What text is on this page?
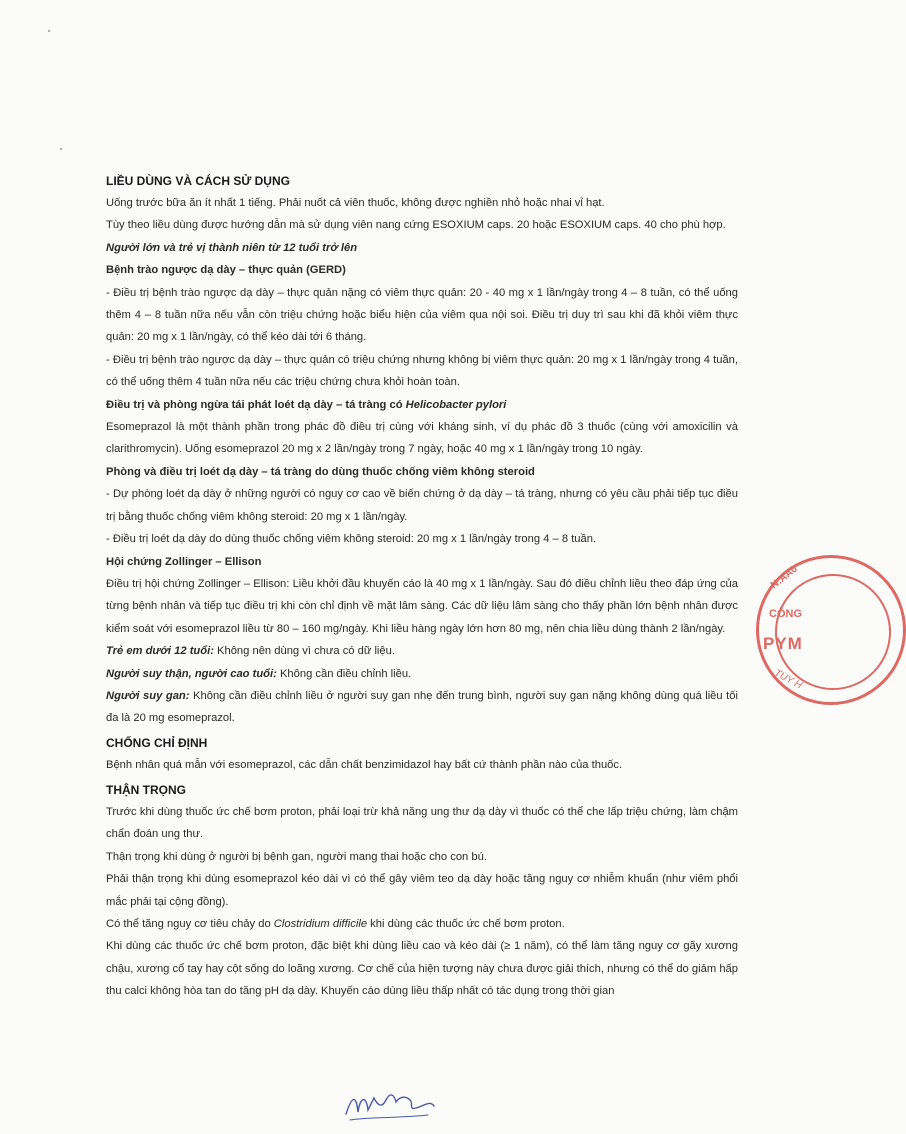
LIỀU DÙNG VÀ CÁCH SỬ DỤNG

Uống trước bữa ăn ít nhất 1 tiếng. Phải nuốt cả viên thuốc, không được nghiền nhỏ hoặc nhai vỉ hạt.

Tùy theo liều dùng được hướng dẫn mà sử dụng viên nang cứng ESOXIUM caps. 20 hoặc ESOXIUM caps. 40 cho phù hợp.

Người lớn và trẻ vị thành niên từ 12 tuổi trở lên

Bệnh trào ngược dạ dày – thực quản (GERD)

- Điều trị bệnh trào ngược dạ dày – thực quản nặng có viêm thực quản: 20 - 40 mg x 1 lần/ngày trong 4 – 8 tuần, có thể uống thêm 4 – 8 tuần nữa nếu vẫn còn triệu chứng hoặc biểu hiện của viêm qua nội soi. Điều trị duy trì sau khi đã khỏi viêm thực quản: 20 mg x 1 lần/ngày, có thể kéo dài tới 6 tháng.

- Điều trị bệnh trào ngược dạ dày – thực quản có triệu chứng nhưng không bị viêm thực quản: 20 mg x 1 lần/ngày trong 4 tuần, có thể uống thêm 4 tuần nữa nếu các triệu chứng chưa khỏi hoàn toàn.

Điều trị và phòng ngừa tái phát loét dạ dày – tá tràng có Helicobacter pylori

Esomeprazol là một thành phần trong phác đồ điều trị cùng với kháng sinh, ví dụ phác đồ 3 thuốc (cùng với amoxicilin và clarithromycin). Uống esomeprazol 20 mg x 2 lần/ngày trong 7 ngày, hoặc 40 mg x 1 lần/ngày trong 10 ngày.

Phòng và điều trị loét dạ dày – tá tràng do dùng thuốc chống viêm không steroid

- Dự phòng loét dạ dày ở những người có nguy cơ cao về biến chứng ở dạ dày – tá tràng, nhưng có yêu cầu phải tiếp tục điều trị bằng thuốc chống viêm không steroid: 20 mg x 1 lần/ngày.

- Điều trị loét dạ dày do dùng thuốc chống viêm không steroid: 20 mg x 1 lần/ngày trong 4 – 8 tuần.

Hội chứng Zollinger – Ellison

Điều trị hội chứng Zollinger – Ellison: Liều khởi đầu khuyến cáo là 40 mg x 1 lần/ngày. Sau đó điều chỉnh liều theo đáp ứng của từng bệnh nhân và tiếp tục điều trị khi còn chỉ định về mặt lâm sàng. Các dữ liệu lâm sàng cho thấy phần lớn bệnh nhân được kiểm soát với esomeprazol liều từ 80 – 160 mg/ngày. Khi liều hàng ngày lớn hơn 80 mg, nên chia liều dùng thành 2 lần/ngày.

Trẻ em dưới 12 tuổi: Không nên dùng vì chưa có dữ liệu.

Người suy thận, người cao tuổi: Không cần điều chỉnh liều.

Người suy gan: Không cần điều chỉnh liều ở người suy gan nhẹ đến trung bình, người suy gan nặng không dùng quá liều tối đa là 20 mg esomeprazol.

CHỐNG CHỈ ĐỊNH

Bệnh nhân quá mẫn với esomeprazol, các dẫn chất benzimidazol hay bất cứ thành phần nào của thuốc.

THẬN TRỌNG

Trước khi dùng thuốc ức chế bơm proton, phải loại trừ khả năng ung thư dạ dày vì thuốc có thể che lấp triệu chứng, làm chậm chẩn đoán ung thư.

Thận trọng khi dùng ở người bị bệnh gan, người mang thai hoặc cho con bú.

Phải thận trọng khi dùng esomeprazol kéo dài vì có thể gây viêm teo dạ dày hoặc tăng nguy cơ nhiễm khuẩn (như viêm phổi mắc phải tại cộng đồng).

Có thể tăng nguy cơ tiêu chảy do Clostridium difficile khi dùng các thuốc ức chế bơm proton.

Khi dùng các thuốc ức chế bơm proton, đặc biệt khi dùng liều cao và kéo dài (≥ 1 năm), có thể làm tăng nguy cơ gãy xương chậu, xương cổ tay hay cột sống do loãng xương. Cơ chế của hiện tượng này chưa được giải thích, nhưng có thể do giảm hấp thu calci không hòa tan do tăng pH dạ dày. Khuyến cáo dùng liều thấp nhất có tác dụng trong thời gian

N:AA0
CÔNG
PYM
TUY H
